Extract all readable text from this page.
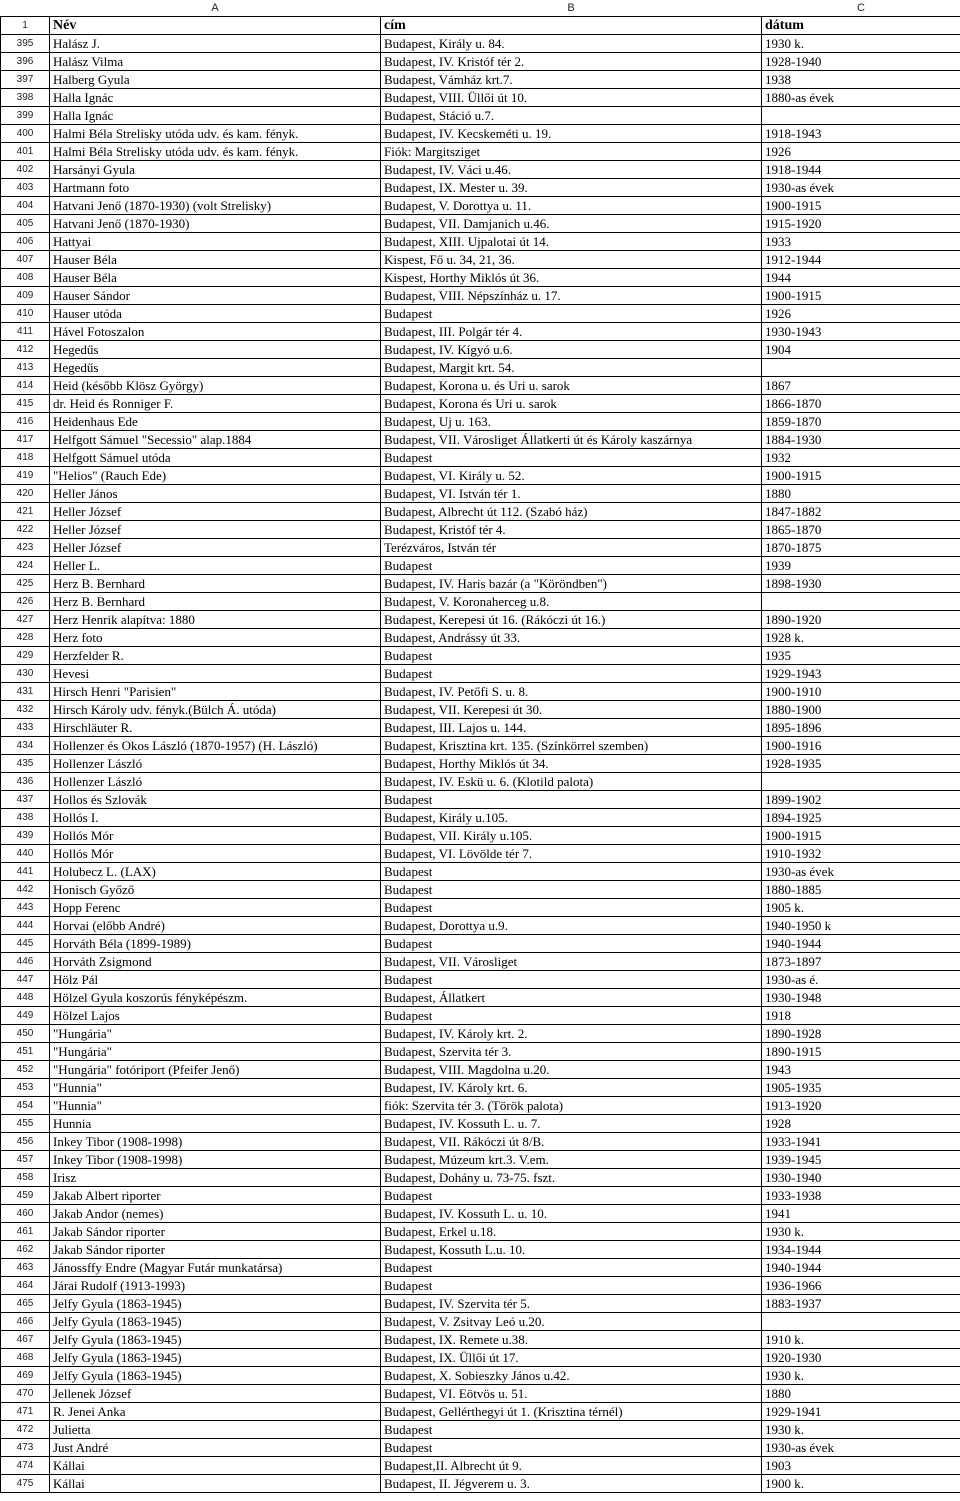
	A	B	C
1	Név	cím	dátum
395	Halász J.	Budapest, Király u. 84.	1930 k.
396	Halász Vilma	Budapest, IV. Kristóf tér 2.	1928-1940
397	Halberg Gyula	Budapest, Vámház krt.7.	1938
398	Halla Ignác	Budapest, VIII. Üllői út 10.	1880-as évek
399	Halla Ignác	Budapest, Stáció u.7.	
400	Halmi Béla Strelisky utóda udv. és kam. fényk.	Budapest, IV. Kecskeméti u. 19.	1918-1943
401	Halmi Béla Strelisky utóda udv. és kam. fényk.	Fiók: Margitsziget	1926
402	Harsányi Gyula	Budapest, IV. Váci u.46.	1918-1944
403	Hartmann foto	Budapest, IX. Mester u. 39.	1930-as évek
404	Hatvani Jenő (1870-1930) (volt Strelisky)	Budapest, V. Dorottya u. 11.	1900-1915
405	Hatvani Jenő (1870-1930)	Budapest, VII. Damjanich u.46.	1915-1920
406	Hattyai	Budapest, XIII. Ujpalotai út 14.	1933
407	Hauser Béla	Kispest, Fő u. 34, 21, 36.	1912-1944
408	Hauser Béla	Kispest, Horthy Miklós út 36.	1944
409	Hauser Sándor	Budapest, VIII. Népszínház u. 17.	1900-1915
410	Hauser utóda	Budapest	1926
411	Hável Fotoszalon	Budapest, III. Polgár tér 4.	1930-1943
412	Hegedűs	Budapest, IV. Kígyó u.6.	1904
413	Hegedűs	Budapest, Margit krt. 54.	
414	Heid (később Klösz György)	Budapest, Korona u. és Uri u. sarok	1867
415	dr. Heid és Ronniger F.	Budapest, Korona és Uri u. sarok	1866-1870
416	Heidenhaus Ede	Budapest, Uj u. 163.	1859-1870
417	Helfgott Sámuel "Secessio" alap.1884	Budapest, VII. Városliget Állatkerti út és Károly kaszárnya	1884-1930
418	Helfgott Sámuel utóda	Budapest	1932
419	"Helios" (Rauch Ede)	Budapest, VI. Király u. 52.	1900-1915
420	Heller János	Budapest, VI. István tér 1.	1880
421	Heller József	Budapest, Albrecht út 112. (Szabó ház)	1847-1882
422	Heller József	Budapest, Kristóf tér 4.	1865-1870
423	Heller József	Terézváros, István tér	1870-1875
424	Heller L.	Budapest	1939
425	Herz B. Bernhard	Budapest, IV. Haris bazár (a "Köröndben")	1898-1930
426	Herz B. Bernhard	Budapest, V. Koronaherceg u.8.	
427	Herz Henrik alapítva: 1880	Budapest, Kerepesi út 16. (Rákóczi út 16.)	1890-1920
428	Herz foto	Budapest, Andrássy út 33.	1928 k.
429	Herzfelder R.	Budapest	1935
430	Hevesi	Budapest	1929-1943
431	Hirsch Henri "Parisien"	Budapest, IV. Petőfi S. u. 8.	1900-1910
432	Hirsch Károly udv. fényk.(Bülch Á. utóda)	Budapest, VII. Kerepesi út 30.	1880-1900
433	Hirschläuter R.	Budapest, III. Lajos u. 144.	1895-1896
434	Hollenzer és Okos László (1870-1957) (H. László)	Budapest, Krisztina krt. 135. (Színkörrel szemben)	1900-1916
435	Hollenzer László	Budapest, Horthy Miklós út 34.	1928-1935
436	Hollenzer László	Budapest, IV. Eskü u. 6. (Klotild palota)	
437	Hollos és Szlovák	Budapest	1899-1902
438	Hollós I.	Budapest, Király u.105.	1894-1925
439	Hollós Mór	Budapest, VII. Király u.105.	1900-1915
440	Hollós Mór	Budapest, VI. Lövölde tér 7.	1910-1932
441	Holubecz L. (LAX)	Budapest	1930-as évek
442	Honisch Győző	Budapest	1880-1885
443	Hopp Ferenc	Budapest	1905 k.
444	Horvai (előbb André)	Budapest, Dorottya u.9.	1940-1950 k
445	Horváth Béla (1899-1989)	Budapest	1940-1944
446	Horváth Zsigmond	Budapest, VII. Városliget	1873-1897
447	Hölz Pál	Budapest	1930-as é.
448	Hölzel Gyula koszorús fényképészm.	Budapest, Állatkert	1930-1948
449	Hölzel Lajos	Budapest	1918
450	"Hungária"	Budapest, IV. Károly krt. 2.	1890-1928
451	"Hungária"	Budapest, Szervita tér 3.	1890-1915
452	"Hungária" fotóriport (Pfeifer Jenő)	Budapest, VIII. Magdolna u.20.	1943
453	"Hunnia"	Budapest, IV. Károly krt. 6.	1905-1935
454	"Hunnia"	fiók: Szervita tér 3. (Török palota)	1913-1920
455	Hunnia	Budapest, IV. Kossuth L. u. 7.	1928
456	Inkey Tibor (1908-1998)	Budapest, VII. Rákóczi út 8/B.	1933-1941
457	Inkey Tibor (1908-1998)	Budapest, Múzeum krt.3. V.em.	1939-1945
458	Irisz	Budapest, Dohány u. 73-75. fszt.	1930-1940
459	Jakab Albert riporter	Budapest	1933-1938
460	Jakab Andor (nemes)	Budapest, IV. Kossuth L. u. 10.	1941
461	Jakab Sándor riporter	Budapest, Erkel u.18.	1930 k.
462	Jakab Sándor riporter	Budapest, Kossuth L.u. 10.	1934-1944
463	Jánossffy Endre (Magyar Futár munkatársa)	Budapest	1940-1944
464	Járai Rudolf (1913-1993)	Budapest	1936-1966
465	Jelfy Gyula (1863-1945)	Budapest, IV. Szervita tér 5.	1883-1937
466	Jelfy Gyula (1863-1945)	Budapest, V. Zsitvay Leó u.20.	
467	Jelfy Gyula (1863-1945)	Budapest, IX. Remete u.38.	1910 k.
468	Jelfy Gyula (1863-1945)	Budapest, IX. Üllői út 17.	1920-1930
469	Jelfy Gyula (1863-1945)	Budapest, X. Sobieszky János u.42.	1930 k.
470	Jellenek József	Budapest, VI. Eötvös u. 51.	1880
471	R. Jenei Anka	Budapest, Gellérthegyi út 1. (Krisztina térnél)	1929-1941
472	Julietta	Budapest	1930 k.
473	Just André	Budapest	1930-as évek
474	Kállai	Budapest,II. Albrecht út 9.	1903
475	Kállai	Budapest, II. Jégverem u. 3.	1900 k.
